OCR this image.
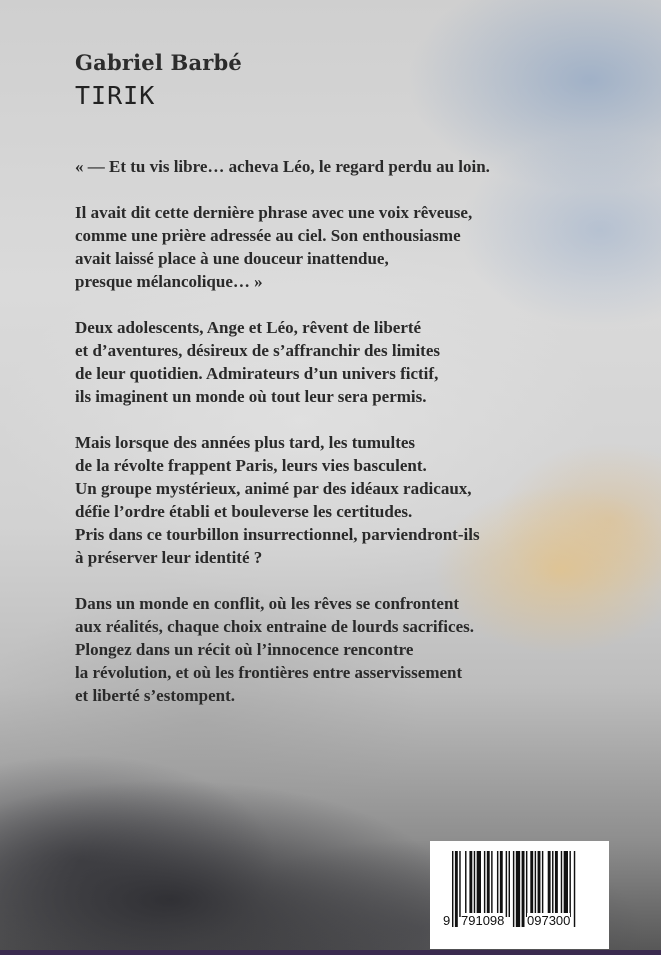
Gabriel Barbé
TIRIK
« — Et tu vis libre… acheva Léo, le regard perdu au loin.
Il avait dit cette dernière phrase avec une voix rêveuse,
comme une prière adressée au ciel. Son enthousiasme
avait laissé place à une douceur inattendue,
presque mélancolique… »
Deux adolescents, Ange et Léo, rêvent de liberté
et d’aventures, désireux de s’affranchir des limites
de leur quotidien. Admirateurs d’un univers fictif,
ils imaginent un monde où tout leur sera permis.
Mais lorsque des années plus tard, les tumultes
de la révolte frappent Paris, leurs vies basculent.
Un groupe mystérieux, animé par des idéaux radicaux,
défie l’ordre établi et bouleverse les certitudes.
Pris dans ce tourbillon insurrectionnel, parviendront-ils
à préserver leur identité ?
Dans un monde en conflit, où les rêves se confrontent
aux réalités, chaque choix entraine de lourds sacrifices.
Plongez dans un récit où l’innocence rencontre
la révolution, et où les frontières entre asservissement
et liberté s’estompent.
9 791098 097300
